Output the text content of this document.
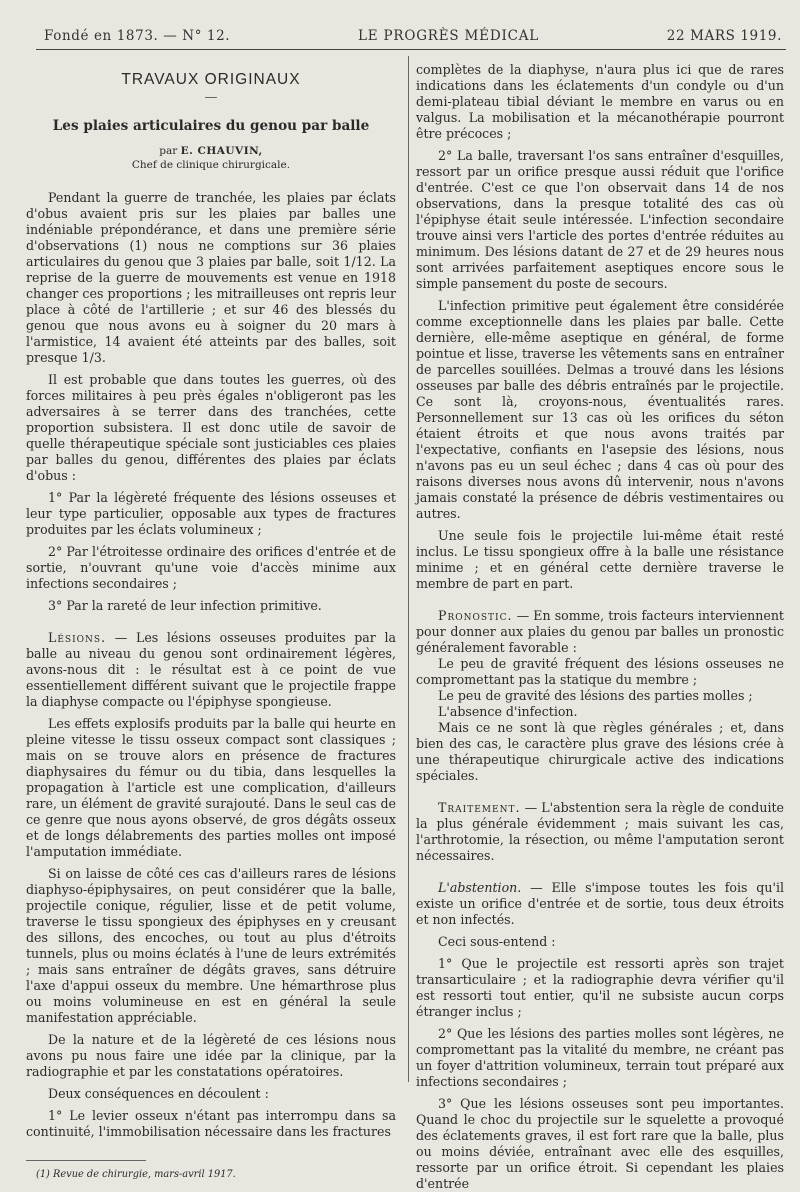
Fondé en 1873. — N° 12.	LE PROGRÈS MÉDICAL	22 MARS 1919.
TRAVAUX ORIGINAUX
—
Les plaies articulaires du genou par balle
par E. CHAUVIN,
Chef de clinique chirurgicale.

Pendant la guerre de tranchée, les plaies par éclats d'obus avaient pris sur les plaies par balles une indéniable prépondérance, et dans une première série d'observations (1) nous ne comptions sur 36 plaies articulaires du genou que 3 plaies par balle, soit 1/12. La reprise de la guerre de mouvements est venue en 1918 changer ces proportions ; les mitrailleuses ont repris leur place à côté de l'artillerie ; et sur 46 des blessés du genou que nous avons eu à soigner du 20 mars à l'armistice, 14 avaient été atteints par des balles, soit presque 1/3.

Il est probable que dans toutes les guerres, où des forces militaires à peu près égales n'obligeront pas les adversaires à se terrer dans des tranchées, cette proportion subsistera. Il est donc utile de savoir de quelle thérapeutique spéciale sont justiciables ces plaies par balles du genou, différentes des plaies par éclats d'obus :

1° Par la légèreté fréquente des lésions osseuses et leur type particulier, opposable aux types de fractures produites par les éclats volumineux ;

2° Par l'étroitesse ordinaire des orifices d'entrée et de sortie, n'ouvrant qu'une voie d'accès minime aux infections secondaires ;

3° Par la rareté de leur infection primitive.

Lésions. — Les lésions osseuses produites par la balle au niveau du genou sont ordinairement légères, avons-nous dit : le résultat est à ce point de vue essentiellement différent suivant que le projectile frappe la diaphyse compacte ou l'épiphyse spongieuse.

Les effets explosifs produits par la balle qui heurte en pleine vitesse le tissu osseux compact sont classiques ; mais on se trouve alors en présence de fractures diaphysaires du fémur ou du tibia, dans lesquelles la propagation à l'article est une complication, d'ailleurs rare, un élément de gravité surajouté. Dans le seul cas de ce genre que nous ayons observé, de gros dégâts osseux et de longs délabrements des parties molles ont imposé l'amputation immédiate.

Si on laisse de côté ces cas d'ailleurs rares de lésions diaphyso-épiphysaires, on peut considérer que la balle, projectile conique, régulier, lisse et de petit volume, traverse le tissu spongieux des épiphyses en y creusant des sillons, des encoches, ou tout au plus d'étroits tunnels, plus ou moins éclatés à l'une de leurs extrémités ; mais sans entraîner de dégâts graves, sans détruire l'axe d'appui osseux du membre. Une hémarthrose plus ou moins volumineuse en est en général la seule manifestation appréciable.

De la nature et de la légèreté de ces lésions nous avons pu nous faire une idée par la clinique, par la radiographie et par les constatations opératoires.

Deux conséquences en découlent :

1° Le levier osseux n'étant pas interrompu dans sa continuité, l'immobilisation nécessaire dans les fractures

(1) Revue de chirurgie, mars-avril 1917.

complètes de la diaphyse, n'aura plus ici que de rares indications dans les éclatements d'un condyle ou d'un demi-plateau tibial déviant le membre en varus ou en valgus. La mobilisation et la mécanothérapie pourront être précoces ;

2° La balle, traversant l'os sans entraîner d'esquilles, ressort par un orifice presque aussi réduit que l'orifice d'entrée. C'est ce que l'on observait dans 14 de nos observations, dans la presque totalité des cas où l'épiphyse était seule intéressée. L'infection secondaire trouve ainsi vers l'article des portes d'entrée réduites au minimum. Des lésions datant de 27 et de 29 heures nous sont arrivées parfaitement aseptiques encore sous le simple pansement du poste de secours.

L'infection primitive peut également être considérée comme exceptionnelle dans les plaies par balle. Cette dernière, elle-même aseptique en général, de forme pointue et lisse, traverse les vêtements sans en entraîner de parcelles souillées. Delmas a trouvé dans les lésions osseuses par balle des débris entraînés par le projectile. Ce sont là, croyons-nous, éventualités rares. Personnellement sur 13 cas où les orifices du séton étaient étroits et que nous avons traités par l'expectative, confiants en l'asepsie des lésions, nous n'avons pas eu un seul échec ; dans 4 cas où pour des raisons diverses nous avons dû intervenir, nous n'avons jamais constaté la présence de débris vestimentaires ou autres.

Une seule fois le projectile lui-même était resté inclus. Le tissu spongieux offre à la balle une résistance minime ; et en général cette dernière traverse le membre de part en part.

Pronostic. — En somme, trois facteurs interviennent pour donner aux plaies du genou par balles un pronostic généralement favorable :

Le peu de gravité fréquent des lésions osseuses ne compromettant pas la statique du membre ;

Le peu de gravité des lésions des parties molles ;

L'absence d'infection.

Mais ce ne sont là que règles générales ; et, dans bien des cas, le caractère plus grave des lésions crée à une thérapeutique chirurgicale active des indications spéciales.

Traitement. — L'abstention sera la règle de conduite la plus générale évidemment ; mais suivant les cas, l'arthrotomie, la résection, ou même l'amputation seront nécessaires.

L'abstention. — Elle s'impose toutes les fois qu'il existe un orifice d'entrée et de sortie, tous deux étroits et non infectés.

Ceci sous-entend :

1° Que le projectile est ressorti après son trajet transarticulaire ; et la radiographie devra vérifier qu'il est ressorti tout entier, qu'il ne subsiste aucun corps étranger inclus ;

2° Que les lésions des parties molles sont légères, ne compromettant pas la vitalité du membre, ne créant pas un foyer d'attrition volumineux, terrain tout préparé aux infections secondaires ;

3° Que les lésions osseuses sont peu importantes. Quand le choc du projectile sur le squelette a provoqué des éclatements graves, il est fort rare que la balle, plus ou moins déviée, entraînant avec elle des esquilles, ressorte par un orifice étroit. Si cependant les plaies d'entrée
